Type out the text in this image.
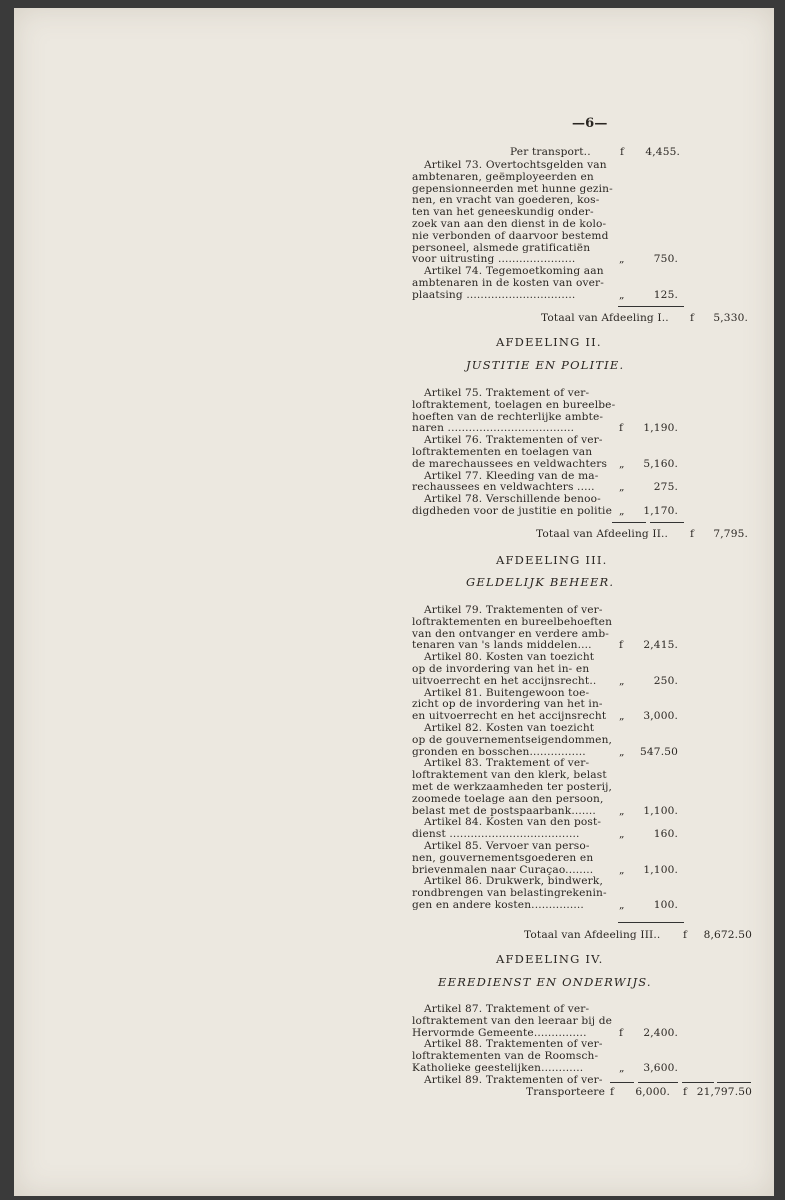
—6—
Per transport..	f	4,455.
Artikel 73. Overtochtsgelden van
ambtenaren, geëmployeerden en
gepensionneerden met hunne gezin-
nen, en vracht van goederen, kos-
ten van het geneeskundig onder-
zoek van aan den dienst in de kolo-
nie verbonden of daarvoor bestemd
personeel, alsmede gratificatiën
voor uitrusting ......................	„	750.
Artikel 74. Tegemoetkoming aan
ambtenaren in de kosten van over-
plaatsing ...............................	„	125.
Totaal van Afdeeling I.. f	5,330.
AFDEELING II.
JUSTITIE EN POLITIE.
Artikel 75. Traktement of ver-
loftraktement, toelagen en bureelbe-
hoeften van de rechterlijke ambte-
naren ....................................	f	1,190.
Artikel 76. Traktementen of ver-
loftraktementen en toelagen van
de marechaussees en veldwachters „	5,160.
Artikel 77. Kleeding van de ma-
rechaussees en veldwachters ..... „	275.
Artikel 78. Verschillende benoo-
digdheden voor de justitie en politie „	1,170.
Totaal van Afdeeling II.. f	7,795.
AFDEELING III.
GELDELIJK BEHEER.
Artikel 79. Traktementen of ver-
loftraktementen en bureelbehoeften
van den ontvanger en verdere amb-
tenaren van 's lands middelen....	f	2,415.
Artikel 80. Kosten van toezicht
op de invordering van het in- en
uitvoerrecht en het accijnsrecht.. „	250.
Artikel 81. Buitengewoon toe-
zicht op de invordering van het in-
en uitvoerrecht en het accijnsrecht „	3,000.
Artikel 82. Kosten van toezicht
op de gouvernementseigendommen,
gronden en bosschen................	„	547.50
Artikel 83. Traktement of ver-
loftraktement van den klerk, belast
met de werkzaamheden ter posterij,
zoomede toelage aan den persoon,
belast met de postspaarbank....... „	1,100.
Artikel 84. Kosten van den post-
dienst .....................................	„	160.
Artikel 85. Vervoer van perso-
nen, gouvernementsgoederen en
brievenmalen naar Curaçao........ „	1,100.
Artikel 86. Drukwerk, bindwerk,
rondbrengen van belastingrekenin-
gen en andere kosten...............	„	100.
Totaal van Afdeeling III.. f	8,672.50
AFDEELING IV.
EEREDIENST EN ONDERWIJS.
Artikel 87. Traktement of ver-
loftraktement van den leeraar bij de
Hervormde Gemeente...............	f	2,400.
Artikel 88. Traktementen of ver-
loftraktementen van de Roomsch-
Katholieke geestelijken............	„	3,600.
Artikel 89. Traktementen of ver-
Transporteere f	6,000. f 21,797.50
